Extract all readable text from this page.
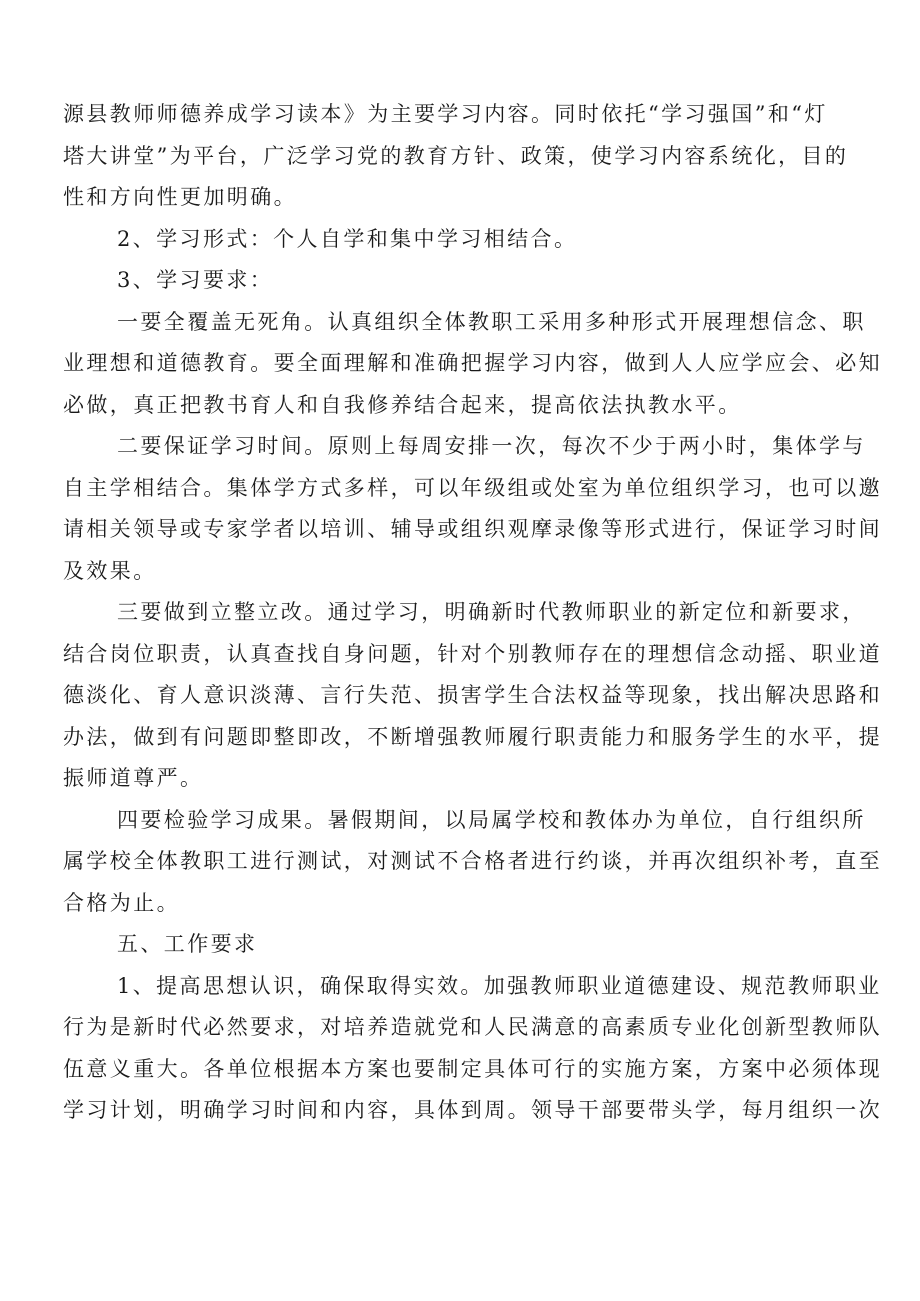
源县教师师德养成学习读本》为主要学习内容。同时依托“学习强国”和“灯
塔大讲堂”为平台，广泛学习党的教育方针、政策，使学习内容系统化，目的
性和方向性更加明确。
2、学习形式：个人自学和集中学习相结合。
3、学习要求：
一要全覆盖无死角。认真组织全体教职工采用多种形式开展理想信念、职
业理想和道德教育。要全面理解和准确把握学习内容，做到人人应学应会、必知
必做，真正把教书育人和自我修养结合起来，提高依法执教水平。
二要保证学习时间。原则上每周安排一次，每次不少于两小时，集体学与
自主学相结合。集体学方式多样，可以年级组或处室为单位组织学习，也可以邀
请相关领导或专家学者以培训、辅导或组织观摩录像等形式进行，保证学习时间
及效果。
三要做到立整立改。通过学习，明确新时代教师职业的新定位和新要求，
结合岗位职责，认真查找自身问题，针对个别教师存在的理想信念动摇、职业道
德淡化、育人意识淡薄、言行失范、损害学生合法权益等现象，找出解决思路和
办法，做到有问题即整即改，不断增强教师履行职责能力和服务学生的水平，提
振师道尊严。
四要检验学习成果。暑假期间，以局属学校和教体办为单位，自行组织所
属学校全体教职工进行测试，对测试不合格者进行约谈，并再次组织补考，直至
合格为止。
五、工作要求
1、提高思想认识，确保取得实效。加强教师职业道德建设、规范教师职业
行为是新时代必然要求，对培养造就党和人民满意的高素质专业化创新型教师队
伍意义重大。各单位根据本方案也要制定具体可行的实施方案，方案中必须体现
学习计划，明确学习时间和内容，具体到周。领导干部要带头学，每月组织一次
